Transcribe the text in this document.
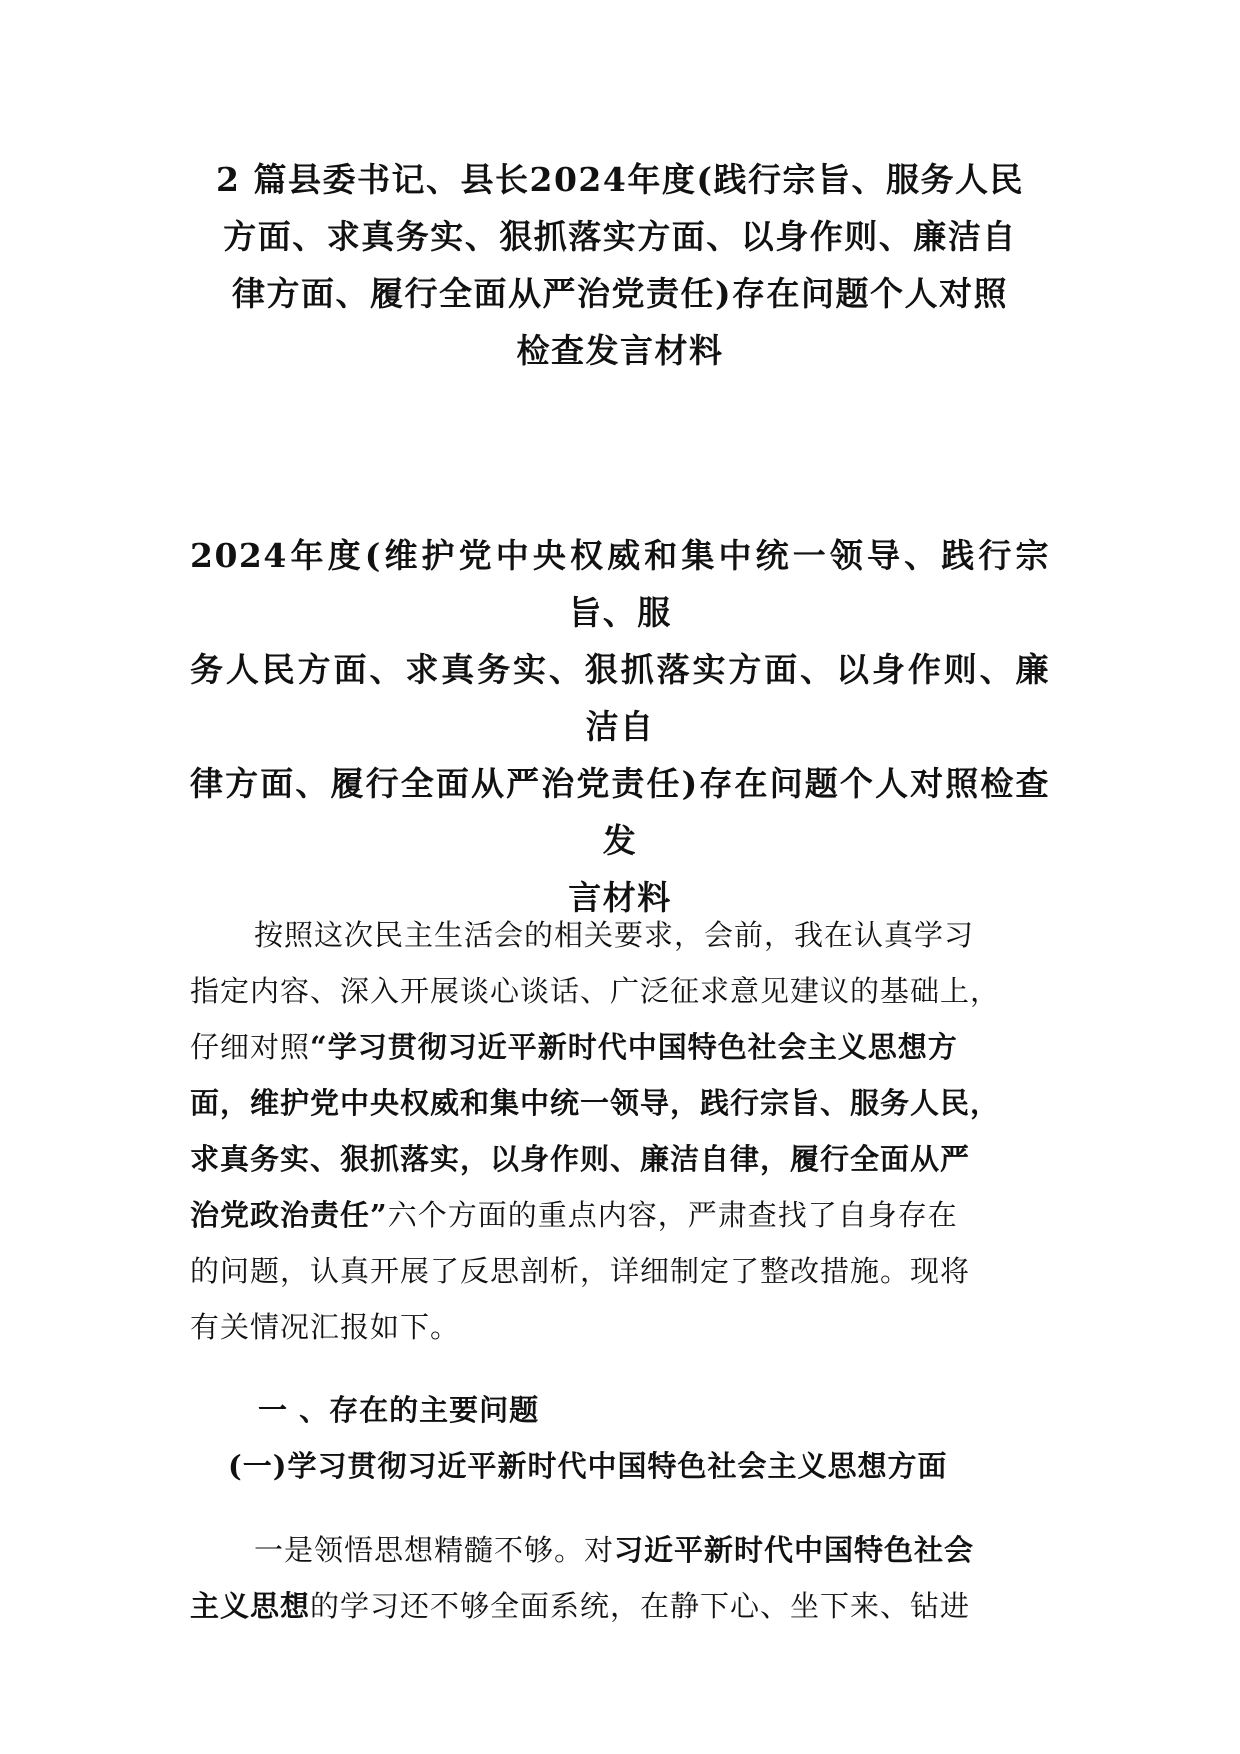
2 篇县委书记、县长2024年度(践行宗旨、服务人民
方面、求真务实、狠抓落实方面、以身作则、廉洁自
律方面、履行全面从严治党责任)存在问题个人对照
检查发言材料
2024年度(维护党中央权威和集中统一领导、践行宗旨、服
务人民方面、求真务实、狠抓落实方面、以身作则、廉洁自
律方面、履行全面从严治党责任)存在问题个人对照检查发
言材料

按照这次民主生活会的相关要求，会前，我在认真学习
指定内容、深入开展谈心谈话、广泛征求意见建议的基础上，
仔细对照“学习贯彻习近平新时代中国特色社会主义思想方
面，维护党中央权威和集中统一领导，践行宗旨、服务人民，
求真务实、狠抓落实，以身作则、廉洁自律，履行全面从严
治党政治责任”六个方面的重点内容，严肃查找了自身存在
的问题，认真开展了反思剖析，详细制定了整改措施。现将
有关情况汇报如下。

一 、存在的主要问题
(一)学习贯彻习近平新时代中国特色社会主义思想方面

一是领悟思想精髓不够。对习近平新时代中国特色社会
主义思想的学习还不够全面系统，在静下心、坐下来、钻进
